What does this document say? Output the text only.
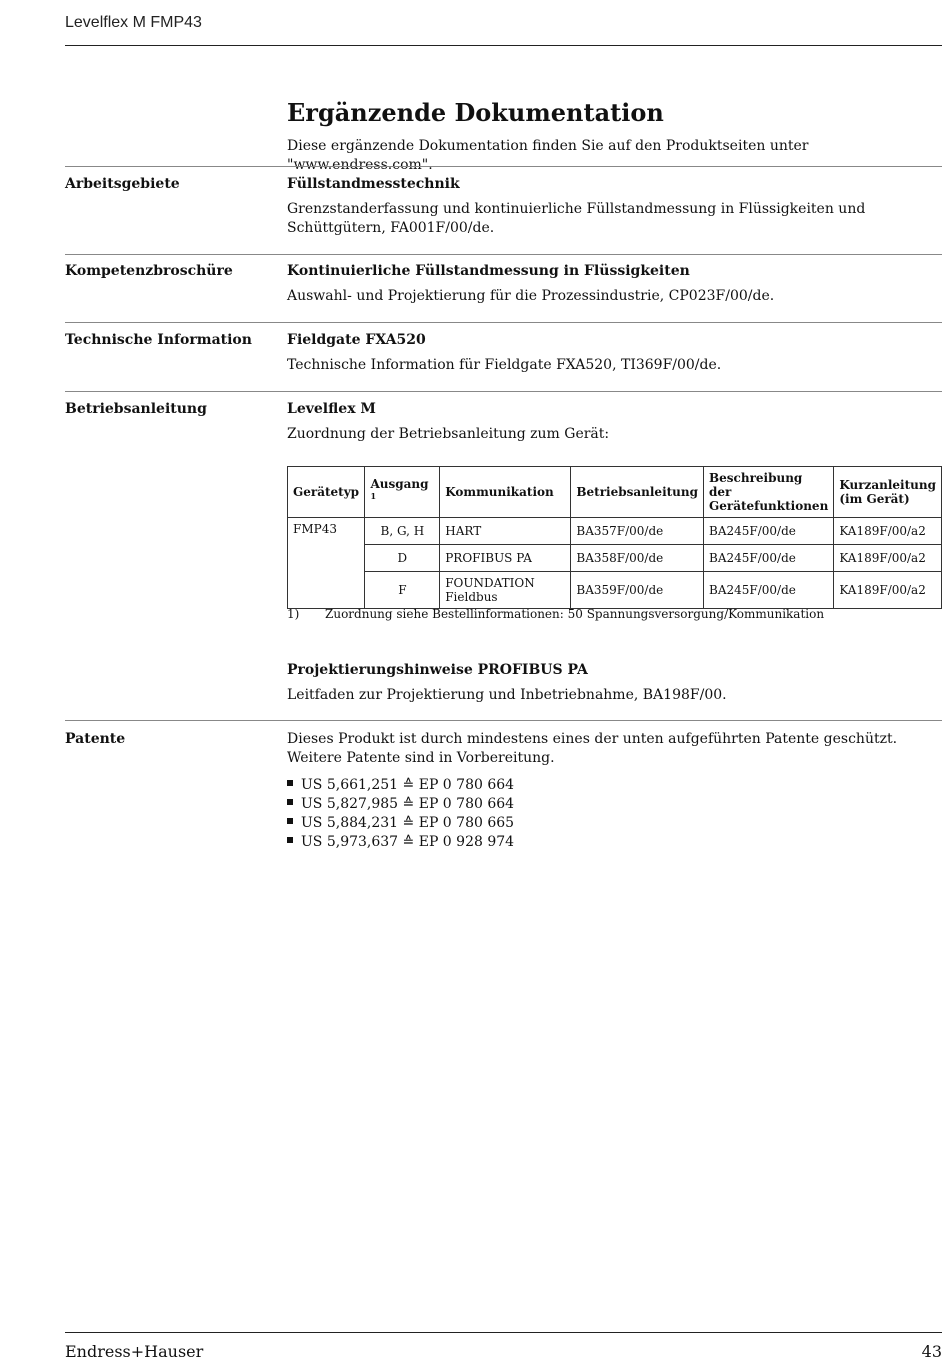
Levelflex M FMP43
Ergänzende Dokumentation

Diese ergänzende Dokumentation finden Sie auf den Produktseiten unter "www.endress.com".

Arbeitsgebiete	Füllstandmesstechnik

Grenzstanderfassung und kontinuierliche Füllstandmessung in Flüssigkeiten und Schüttgütern, FA001F/00/de.

Kompetenzbroschüre	Kontinuierliche Füllstandmessung in Flüssigkeiten

Auswahl- und Projektierung für die Prozessindustrie, CP023F/00/de.

Technische Information	Fieldgate FXA520

Technische Information für Fieldgate FXA520, TI369F/00/de.

Betriebsanleitung	Levelflex M

Zuordnung der Betriebsanleitung zum Gerät:

Gerätetyp	Ausgang $^1$	Kommunikation	Betriebsanleitung	Beschreibung der Gerätefunktionen	Kurzanleitung (im Gerät)
FMP43	B, G, H	HART	BA357F/00/de	BA245F/00/de	KA189F/00/a2
	D	PROFIBUS PA	BA358F/00/de	BA245F/00/de	KA189F/00/a2
	F	FOUNDATION Fieldbus	BA359F/00/de	BA245F/00/de	KA189F/00/a2
1) Zuordnung siehe Bestellinformationen: 50 Spannungsversorgung/Kommunikation

Projektierungshinweise PROFIBUS PA

Leitfaden zur Projektierung und Inbetriebnahme, BA198F/00.

Patente	Dieses Produkt ist durch mindestens eines der unten aufgeführten Patente geschützt.

Weitere Patente sind in Vorbereitung.

US 5,661,251 ≙ EP 0 780 664
US 5,827,985 ≙ EP 0 780 664
US 5,884,231 ≙ EP 0 780 665
US 5,973,637 ≙ EP 0 928 974
Endress+Hauser	43
